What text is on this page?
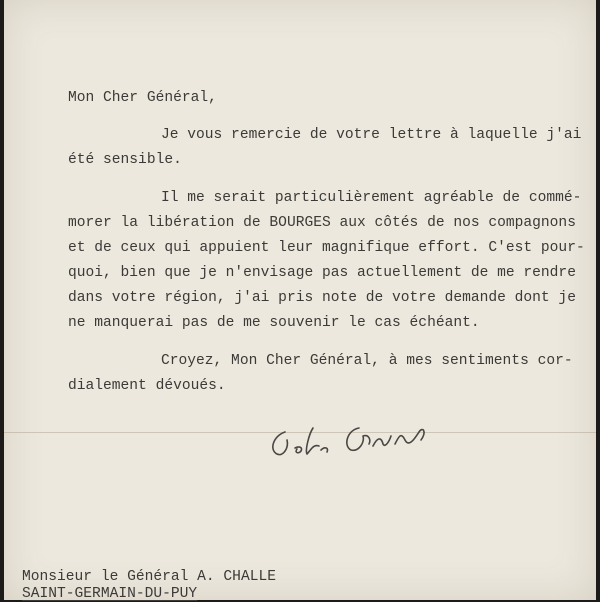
Mon Cher Général,

Je vous remercie de votre lettre à laquelle j'ai

été sensible.

Il me serait particulièrement agréable de commé-

morer la libération de BOURGES aux côtés de nos compagnons

et de ceux qui appuient leur magnifique effort. C'est pour-

quoi, bien que je n'envisage pas actuellement de me rendre

dans votre région, j'ai pris note de votre demande dont je

ne manquerai pas de me souvenir le cas échéant.

Croyez, Mon Cher Général, à mes sentiments cor-

dialement dévoués.

Monsieur le Général A. CHALLE

SAINT-GERMAIN-DU-PUY
